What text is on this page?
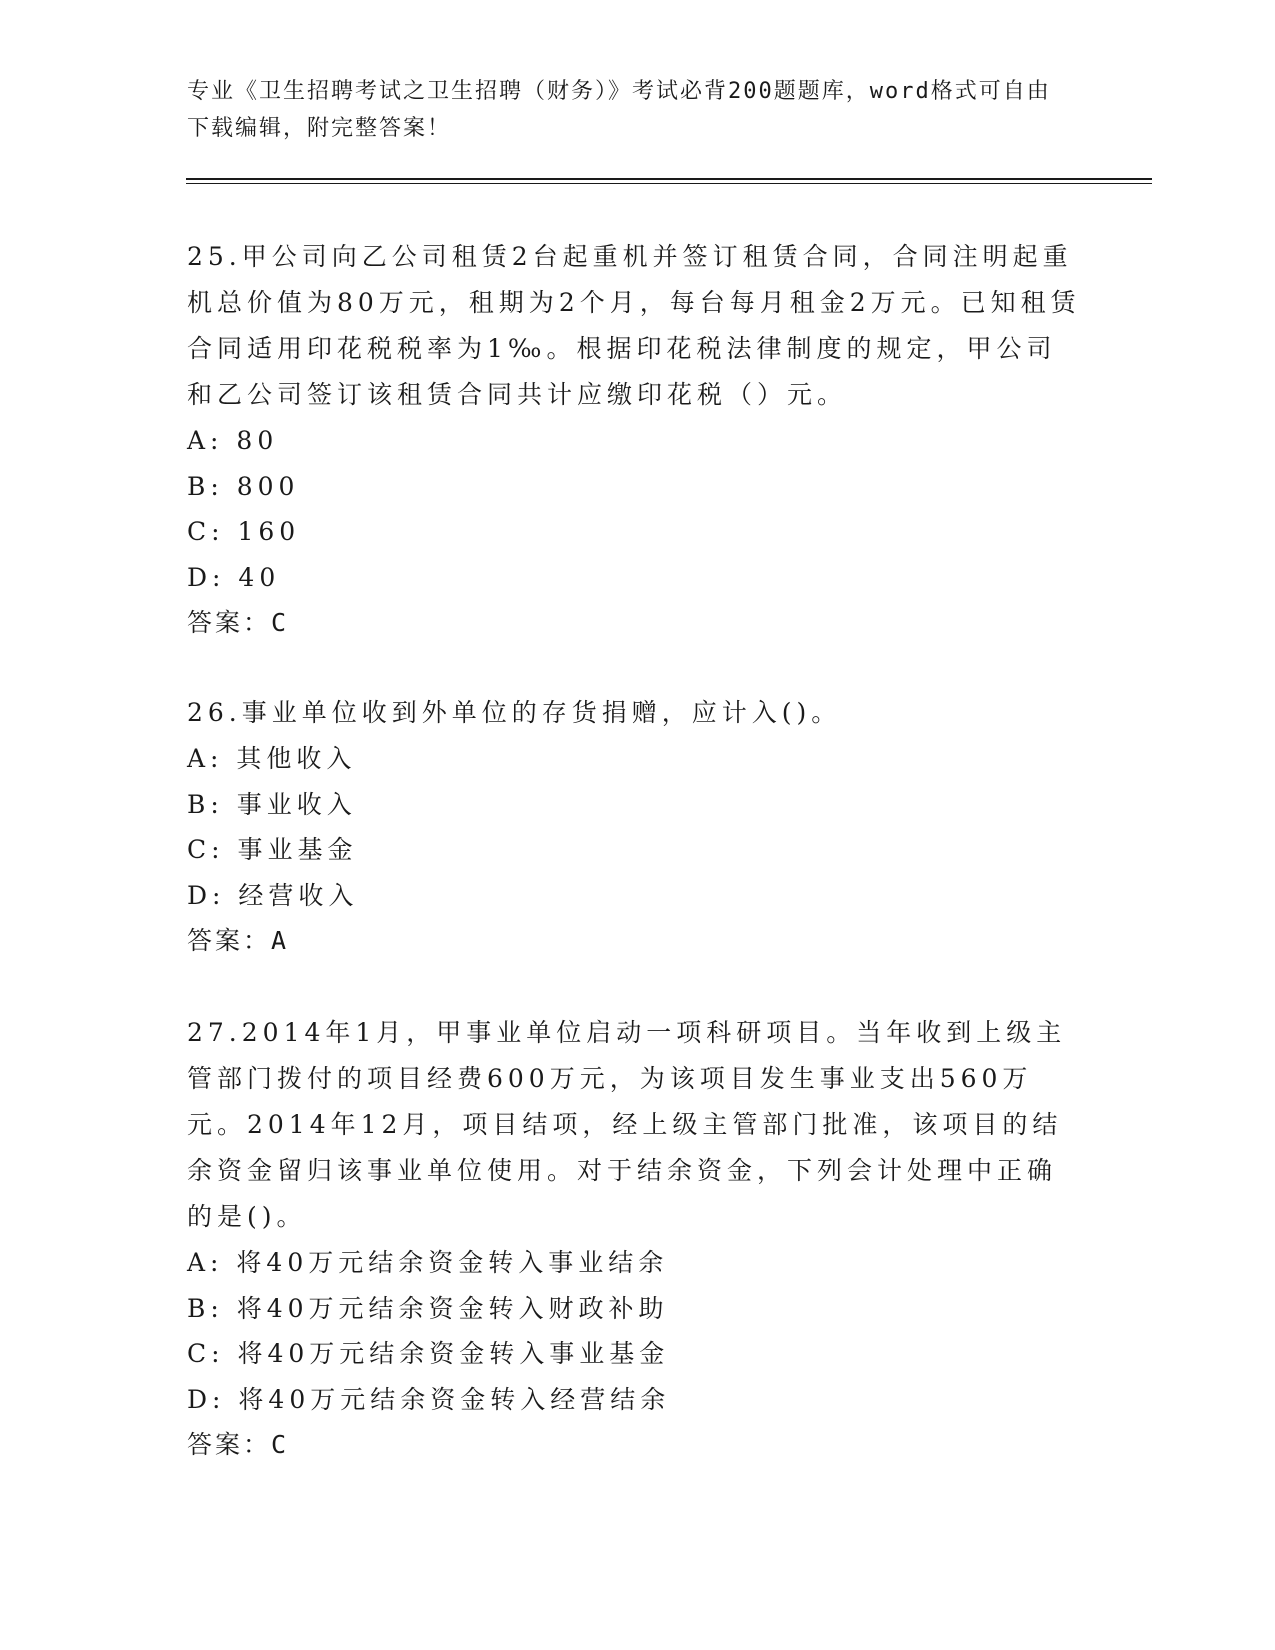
专业《卫生招聘考试之卫生招聘（财务）》考试必背200题题库，word格式可自由下载编辑，附完整答案！
25.甲公司向乙公司租赁2台起重机并签订租赁合同，合同注明起重机总价值为80万元，租期为2个月，每台每月租金2万元。已知租赁合同适用印花税税率为1‰。根据印花税法律制度的规定，甲公司和乙公司签订该租赁合同共计应缴印花税（）元。
A: 80
B: 800
C: 160
D: 40
答案：C
26.事业单位收到外单位的存货捐赠，应计入()。
A: 其他收入
B: 事业收入
C: 事业基金
D: 经营收入
答案：A
27.2014年1月，甲事业单位启动一项科研项目。当年收到上级主管部门拨付的项目经费600万元，为该项目发生事业支出560万元。2014年12月，项目结项，经上级主管部门批准，该项目的结余资金留归该事业单位使用。对于结余资金，下列会计处理中正确的是()。
A: 将40万元结余资金转入事业结余
B: 将40万元结余资金转入财政补助
C: 将40万元结余资金转入事业基金
D: 将40万元结余资金转入经营结余
答案：C
